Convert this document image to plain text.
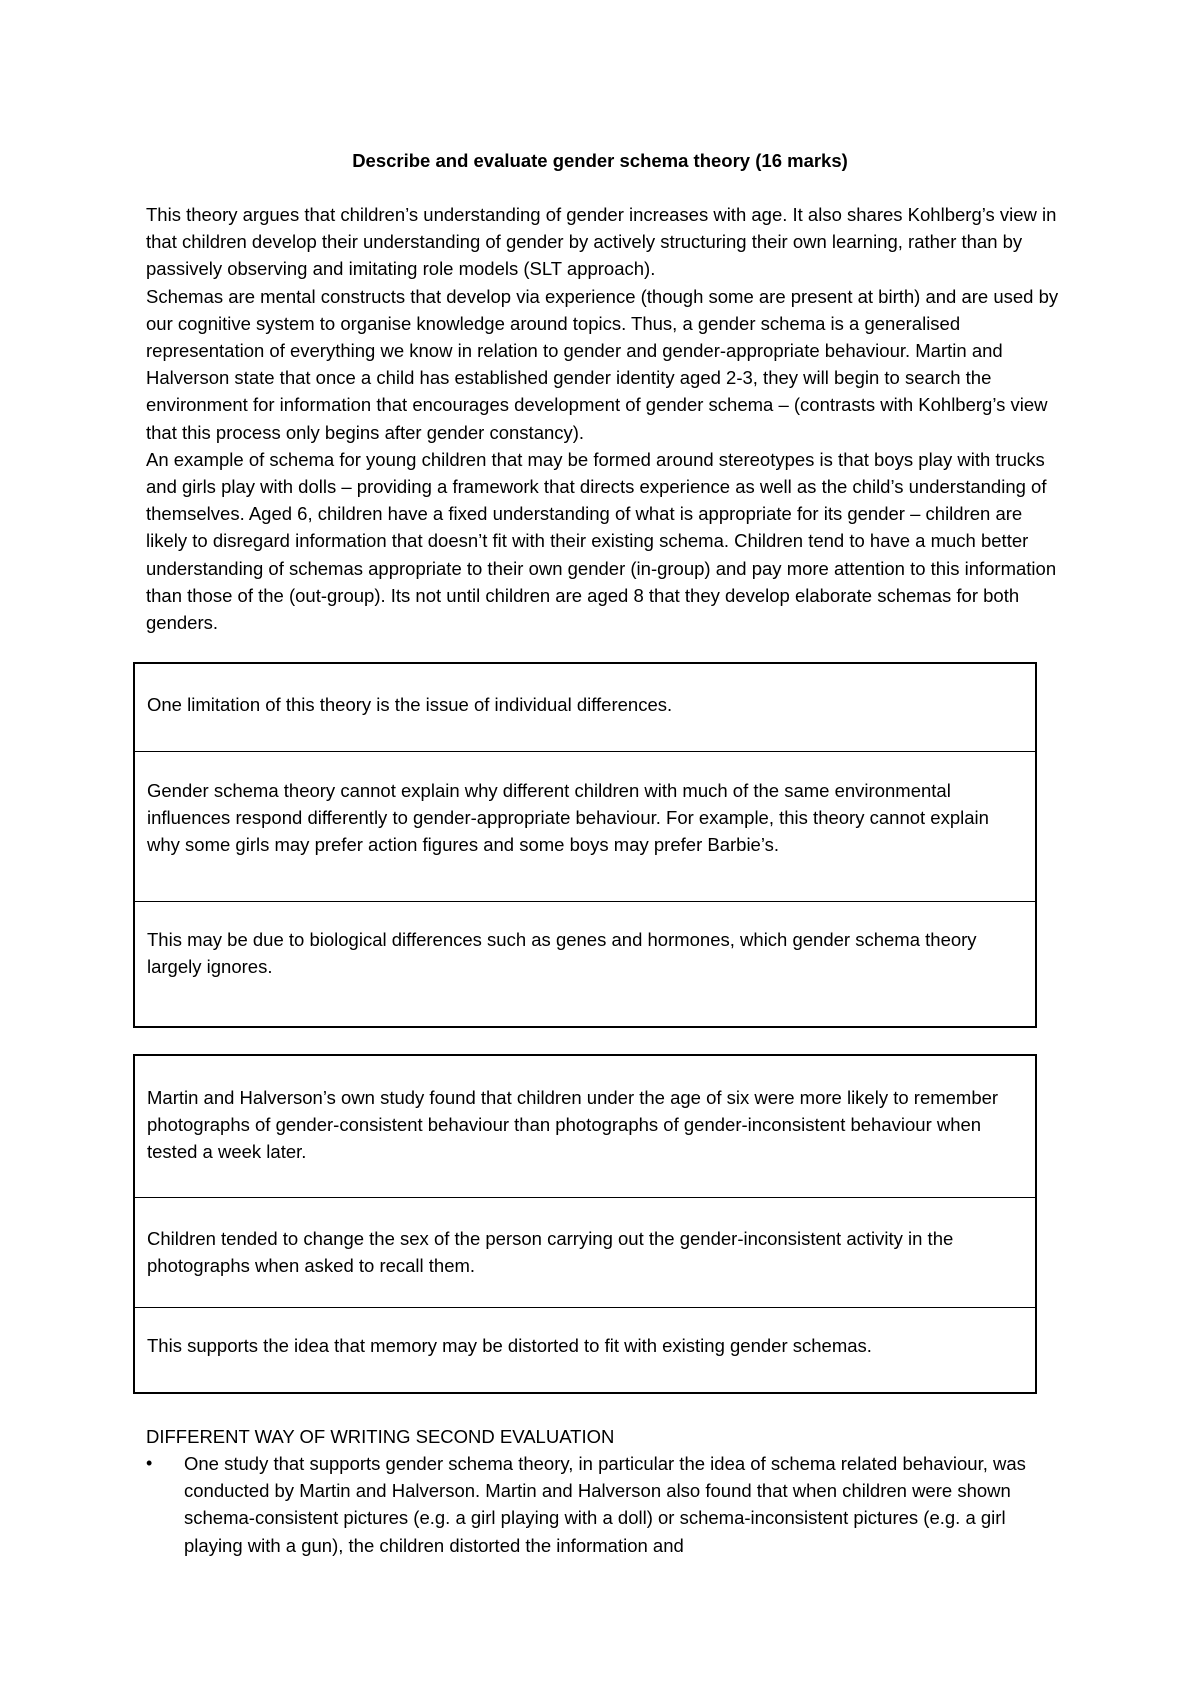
Describe and evaluate gender schema theory (16 marks)

This theory argues that children’s understanding of gender increases with age. It also shares Kohlberg’s view in that children develop their understanding of gender by actively structuring their own learning, rather than by passively observing and imitating role models (SLT approach).

Schemas are mental constructs that develop via experience (though some are present at birth) and are used by our cognitive system to organise knowledge around topics. Thus, a gender schema is a generalised representation of everything we know in relation to gender and gender-appropriate behaviour. Martin and Halverson state that once a child has established gender identity aged 2-3, they will begin to search the environment for information that encourages development of gender schema – (contrasts with Kohlberg’s view that this process only begins after gender constancy).

An example of schema for young children that may be formed around stereotypes is that boys play with trucks and girls play with dolls – providing a framework that directs experience as well as the child’s understanding of themselves. Aged 6, children have a fixed understanding of what is appropriate for its gender – children are likely to disregard information that doesn’t fit with their existing schema. Children tend to have a much better understanding of schemas appropriate to their own gender (in-group) and pay more attention to this information than those of the (out-group). Its not until children are aged 8 that they develop elaborate schemas for both genders.

One limitation of this theory is the issue of individual differences.
Gender schema theory cannot explain why different children with much of the same environmental influences respond differently to gender-appropriate behaviour. For example, this theory cannot explain why some girls may prefer action figures and some boys may prefer Barbie’s.
This may be due to biological differences such as genes and hormones, which gender schema theory largely ignores.
Martin and Halverson’s own study found that children under the age of six were more likely to remember photographs of gender-consistent behaviour than photographs of gender-inconsistent behaviour when tested a week later.
Children tended to change the sex of the person carrying out the gender-inconsistent activity in the photographs when asked to recall them.
This supports the idea that memory may be distorted to fit with existing gender schemas.

DIFFERENT WAY OF WRITING SECOND EVALUATION

•	One study that supports gender schema theory, in particular the idea of schema related behaviour, was conducted by Martin and Halverson. Martin and Halverson also found that when children were shown schema-consistent pictures (e.g. a girl playing with a doll) or schema-inconsistent pictures (e.g. a girl playing with a gun), the children distorted the information and
